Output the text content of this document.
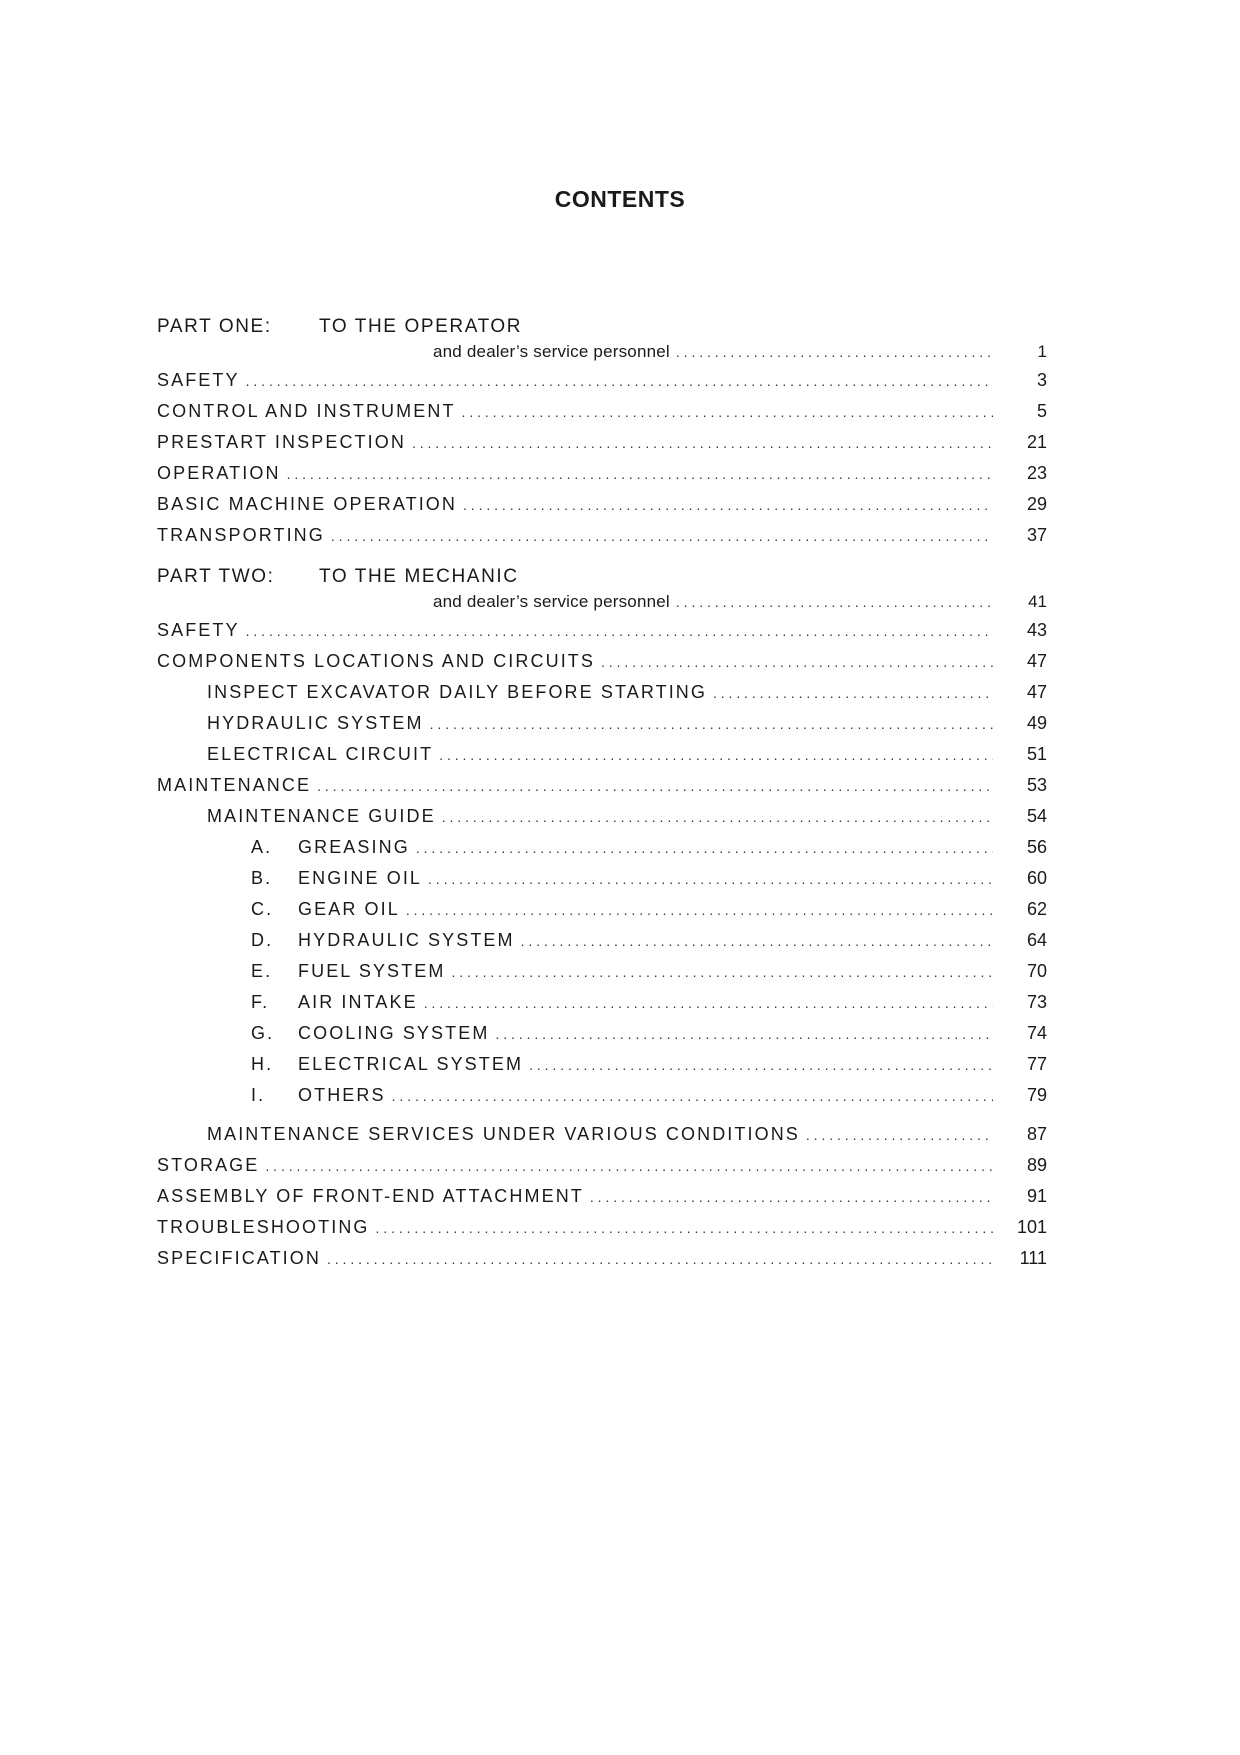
CONTENTS
PART ONE: TO THE OPERATOR
and dealer’s service personnel . . .	1
SAFETY . . .	3
CONTROL AND INSTRUMENT . . .	5
PRESTART INSPECTION . . .	21
OPERATION . . .	23
BASIC MACHINE OPERATION . . .	29
TRANSPORTING . . .	37
PART TWO: TO THE MECHANIC
and dealer’s service personnel . . .	41
SAFETY . . .	43
COMPONENTS LOCATIONS AND CIRCUITS . . .	47
INSPECT EXCAVATOR DAILY BEFORE STARTING . . .	47
HYDRAULIC SYSTEM . . .	49
ELECTRICAL CIRCUIT . . .	51
MAINTENANCE . . .	53
MAINTENANCE GUIDE . . .	54
A. GREASING . . .	56
B. ENGINE OIL . . .	60
C. GEAR OIL . . .	62
D. HYDRAULIC SYSTEM . . .	64
E. FUEL SYSTEM . . .	70
F. AIR INTAKE . . .	73
G. COOLING SYSTEM . . .	74
H. ELECTRICAL SYSTEM . . .	77
I. OTHERS . . .	79
MAINTENANCE SERVICES UNDER VARIOUS CONDITIONS . . .	87
STORAGE . . .	89
ASSEMBLY OF FRONT-END ATTACHMENT . . .	91
TROUBLESHOOTING . . .	101
SPECIFICATION . . .	111
